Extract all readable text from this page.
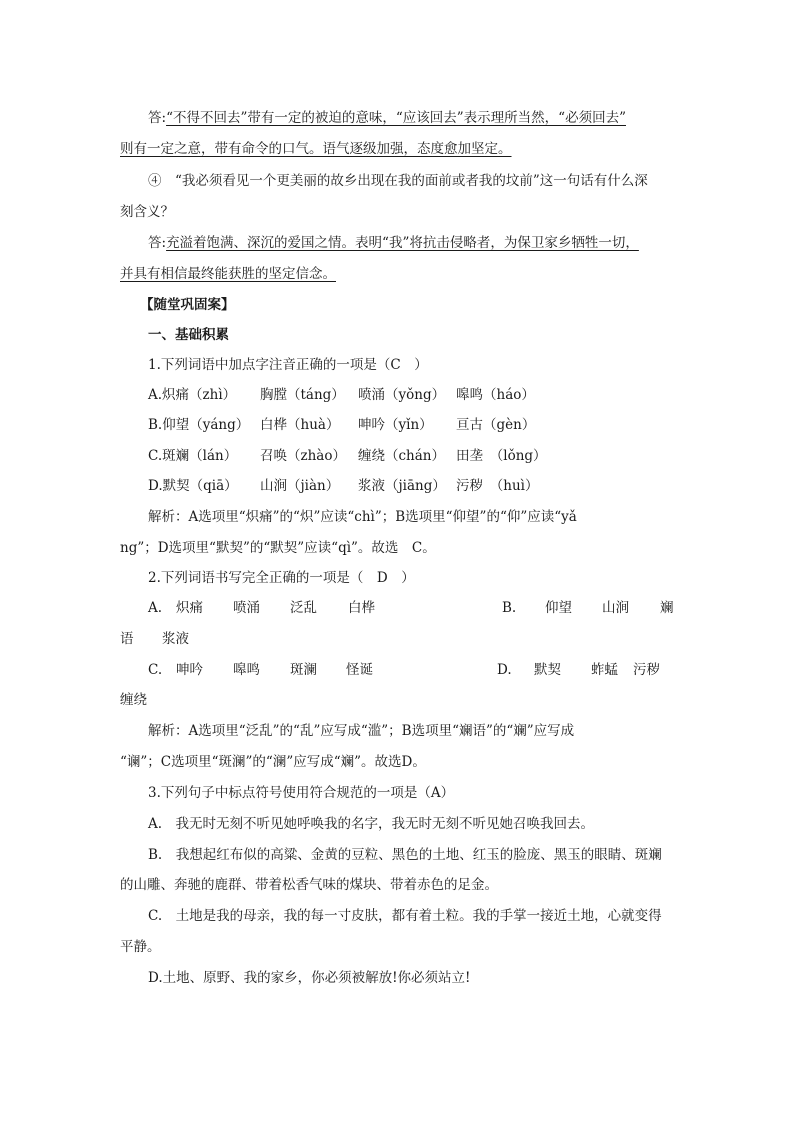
答:“不得不回去”带有一定的被迫的意味，“应该回去”表示理所当然，“必须回去”
则有一定之意，带有命令的口气。语气逐级加强，态度愈加坚定。
④　“我必须看见一个更美丽的故乡出现在我的面前或者我的坟前”这一句话有什么深
刻含义？
答:充溢着饱满、深沉的爱国之情。表明“我”将抗击侵略者，为保卫家乡牺牲一切，
并具有相信最终能获胜的坚定信念。
【随堂巩固案】
一、基础积累
1.下列词语中加点字注音正确的一项是（C　）
A.炽痛（zhì） 胸膛（táng） 喷涌（yǒng） 嗥鸣（háo）
B.仰望（yáng） 白桦（huà） 呻吟（yǐn） 亘古（gèn）
C.斑斓（lán） 召唤（zhào） 缠绕（chán） 田垄　（lǒng）
D.默契（qiā） 山涧（jiàn） 浆液（jiāng） 污秽　（huì）
解析：A选项里“炽痛”的“炽”应读“chì”；B选项里“仰望”的“仰”应读“yǎ
ng”；D选项里“默契”的“默契”应读“qì”。故选　C。
2.下列词语书写完全正确的一项是（　D　）
A. 炽痛 喷涌 泛乱 白桦	B. 仰望 山涧 斓
语 浆液
C. 呻吟 嗥鸣 斑澜 怪诞	D. 默契 蚱蜢 污秽
缠绕
解析：A选项里“泛乱”的“乱”应写成“滥”；B选项里“斓语”的“斓”应写成
“谰”；C选项里“斑澜”的“澜”应写成“斓”。故选D。
3.下列句子中标点符号使用符合规范的一项是（A）
A.　我无时无刻不听见她呼唤我的名字，我无时无刻不听见她召唤我回去。
B.　我想起红布似的高粱、金黄的豆粒、黑色的土地、红玉的脸庞、黑玉的眼睛、斑斓
的山雕、奔驰的鹿群、带着松香气味的煤块、带着赤色的足金。
C.　土地是我的母亲，我的每一寸皮肤，都有着土粒。我的手掌一接近土地，心就变得
平静。
D.土地、原野、我的家乡，你必须被解放!你必须站立!
